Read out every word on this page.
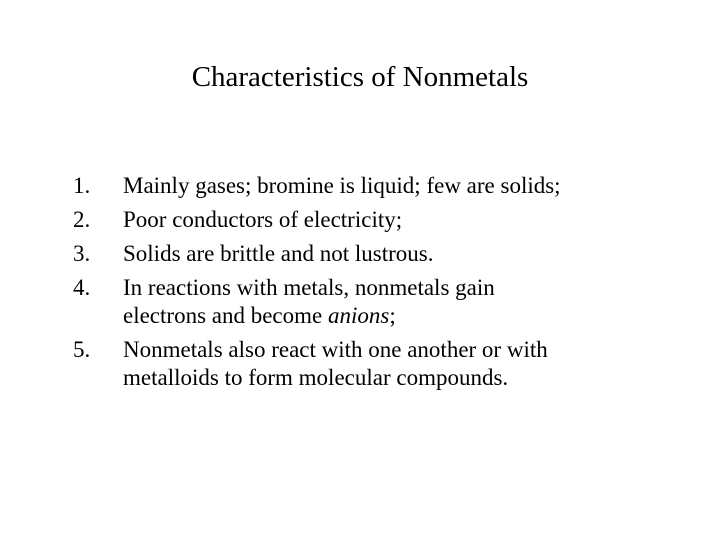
Characteristics of Nonmetals
1. Mainly gases; bromine is liquid; few are solids;
2. Poor conductors of electricity;
3. Solids are brittle and not lustrous.
4. In reactions with metals, nonmetals gain
electrons and become anions;
5. Nonmetals also react with one another or with
metalloids to form molecular compounds.
